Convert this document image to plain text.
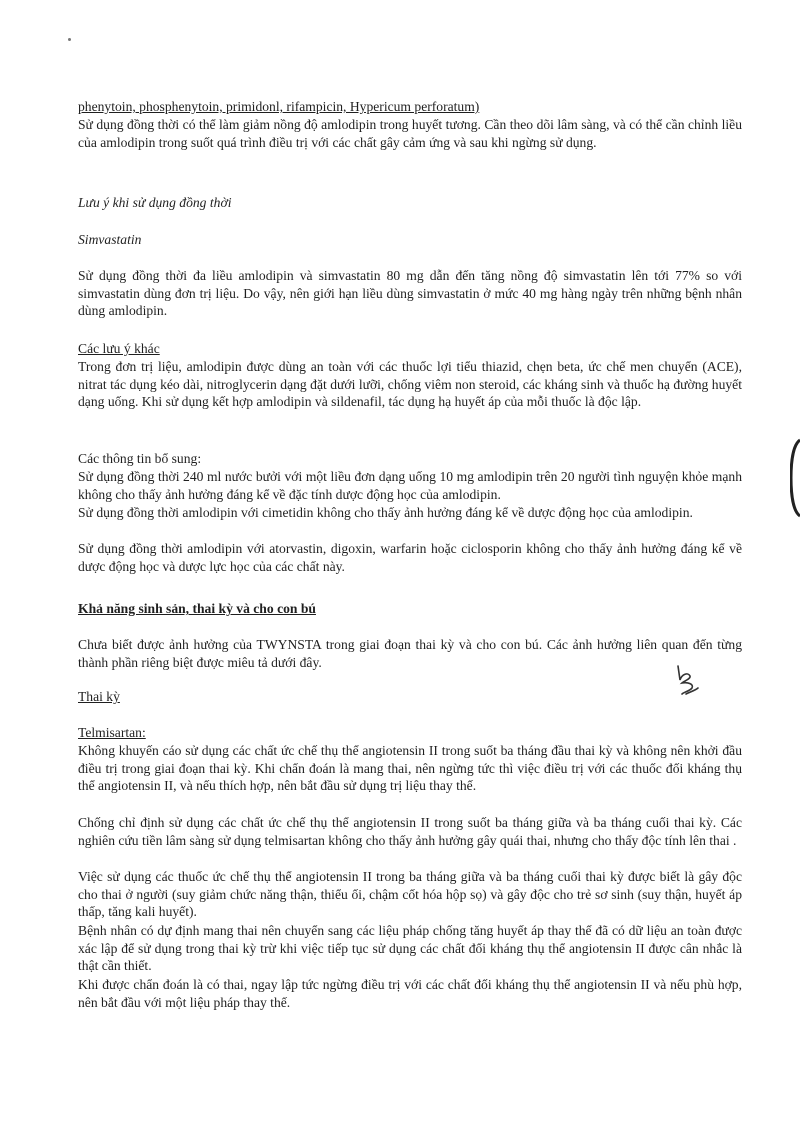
phenytoin, phosphenytoin, primidonl, rifampicin, Hypericum perforatum)

Sử dụng đồng thời có thể làm giảm nồng độ amlodipin trong huyết tương. Cần theo dõi lâm sàng, và có thể cần chỉnh liều của amlodipin trong suốt quá trình điều trị với các chất gây cảm ứng và sau khi ngừng sử dụng.

Lưu ý khi sử dụng đồng thời

Simvastatin

Sử dụng đồng thời đa liều amlodipin và simvastatin 80 mg dẫn đến tăng nồng độ simvastatin lên tới 77% so với simvastatin dùng đơn trị liệu. Do vậy, nên giới hạn liều dùng simvastatin ở mức 40 mg hàng ngày trên những bệnh nhân dùng amlodipin.

Các lưu ý khác

Trong đơn trị liệu, amlodipin được dùng an toàn với các thuốc lợi tiểu thiazid, chẹn beta, ức chế men chuyển (ACE), nitrat tác dụng kéo dài, nitroglycerin dạng đặt dưới lưỡi, chống viêm non steroid, các kháng sinh và thuốc hạ đường huyết dạng uống. Khi sử dụng kết hợp amlodipin và sildenafil, tác dụng hạ huyết áp của mỗi thuốc là độc lập.

Các thông tin bổ sung:

Sử dụng đồng thời 240 ml nước bưởi với một liều đơn dạng uống 10 mg amlodipin trên 20 người tình nguyện khỏe mạnh không cho thấy ảnh hưởng đáng kể về đặc tính dược động học của amlodipin.

Sử dụng đồng thời amlodipin với cimetidin không cho thấy ảnh hưởng đáng kể về dược động học của amlodipin.

Sử dụng đồng thời amlodipin với atorvastin, digoxin, warfarin hoặc ciclosporin không cho thấy ảnh hưởng đáng kể về dược động học và dược lực học của các chất này.

Khả năng sinh sản, thai kỳ và cho con bú

Chưa biết được ảnh hưởng của TWYNSTA trong giai đoạn thai kỳ và cho con bú. Các ảnh hưởng liên quan đến từng thành phần riêng biệt được miêu tả dưới đây.

Thai kỳ

Telmisartan:

Không khuyến cáo sử dụng các chất ức chế thụ thể angiotensin II trong suốt ba tháng đầu thai kỳ và không nên khởi đầu điều trị trong giai đoạn thai kỳ. Khi chẩn đoán là mang thai, nên ngừng tức thì việc điều trị với các thuốc đối kháng thụ thể angiotensin II, và nếu thích hợp, nên bắt đầu sử dụng trị liệu thay thế.

Chống chỉ định sử dụng các chất ức chế thụ thể angiotensin II trong suốt ba tháng giữa và ba tháng cuối thai kỳ. Các nghiên cứu tiền lâm sàng sử dụng telmisartan không cho thấy ảnh hưởng gây quái thai, nhưng cho thấy độc tính lên thai .

Việc sử dụng các thuốc ức chế thụ thể angiotensin II trong ba tháng giữa và ba tháng cuối thai kỳ được biết là gây độc cho thai ở người (suy giảm chức năng thận, thiểu ối, chậm cốt hóa hộp sọ) và gây độc cho trẻ sơ sinh (suy thận, huyết áp thấp, tăng kali huyết).

Bệnh nhân có dự định mang thai nên chuyển sang các liệu pháp chống tăng huyết áp thay thế đã có dữ liệu an toàn được xác lập để sử dụng trong thai kỳ trừ khi việc tiếp tục sử dụng các chất đối kháng thụ thể angiotensin II được cân nhắc là thật cần thiết.

Khi được chẩn đoán là có thai, ngay lập tức ngừng điều trị với các chất đối kháng thụ thể angiotensin II và nếu phù hợp, nên bắt đầu với một liệu pháp thay thế.
